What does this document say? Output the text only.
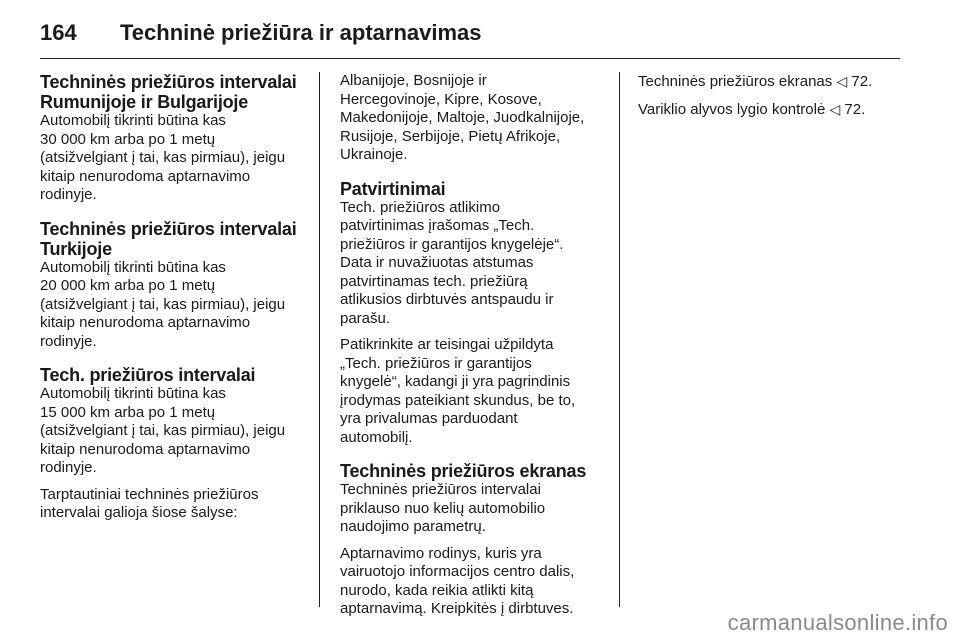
164 Techninė priežiūra ir aptarnavimas
Techninės priežiūros intervalai
Rumunijoje ir Bulgarijoje

Automobilį tikrinti būtina kas
30 000 km arba po 1 metų
(atsižvelgiant į tai, kas pirmiau), jeigu
kitaip nenurodoma aptarnavimo
rodinyje.

Techninės priežiūros intervalai
Turkijoje

Automobilį tikrinti būtina kas
20 000 km arba po 1 metų
(atsižvelgiant į tai, kas pirmiau), jeigu
kitaip nenurodoma aptarnavimo
rodinyje.

Tech. priežiūros intervalai

Automobilį tikrinti būtina kas
15 000 km arba po 1 metų
(atsižvelgiant į tai, kas pirmiau), jeigu
kitaip nenurodoma aptarnavimo
rodinyje.

Tarptautiniai techninės priežiūros
intervalai galioja šiose šalyse:

Albanijoje, Bosnijoje ir
Hercegovinoje, Kipre, Kosove,
Makedonijoje, Maltoje, Juodkalnijoje,
Rusijoje, Serbijoje, Pietų Afrikoje,
Ukrainoje.

Patvirtinimai

Tech. priežiūros atlikimo
patvirtinimas įrašomas „Tech.
priežiūros ir garantijos knygelėje“.
Data ir nuvažiuotas atstumas
patvirtinamas tech. priežiūrą
atlikusios dirbtuvės antspaudu ir
parašu.

Patikrinkite ar teisingai užpildyta
„Tech. priežiūros ir garantijos
knygelė“, kadangi ji yra pagrindinis
įrodymas pateikiant skundus, be to,
yra privalumas parduodant
automobilį.

Techninės priežiūros ekranas

Techninės priežiūros intervalai
priklauso nuo kelių automobilio
naudojimo parametrų.

Aptarnavimo rodinys, kuris yra
vairuotojo informacijos centro dalis,
nurodo, kada reikia atlikti kitą
aptarnavimą. Kreipkitės į dirbtuves.

Techninės priežiūros ekranas ◁ 72.

Variklio alyvos lygio kontrolė ◁ 72.

carmanualsonline.info
